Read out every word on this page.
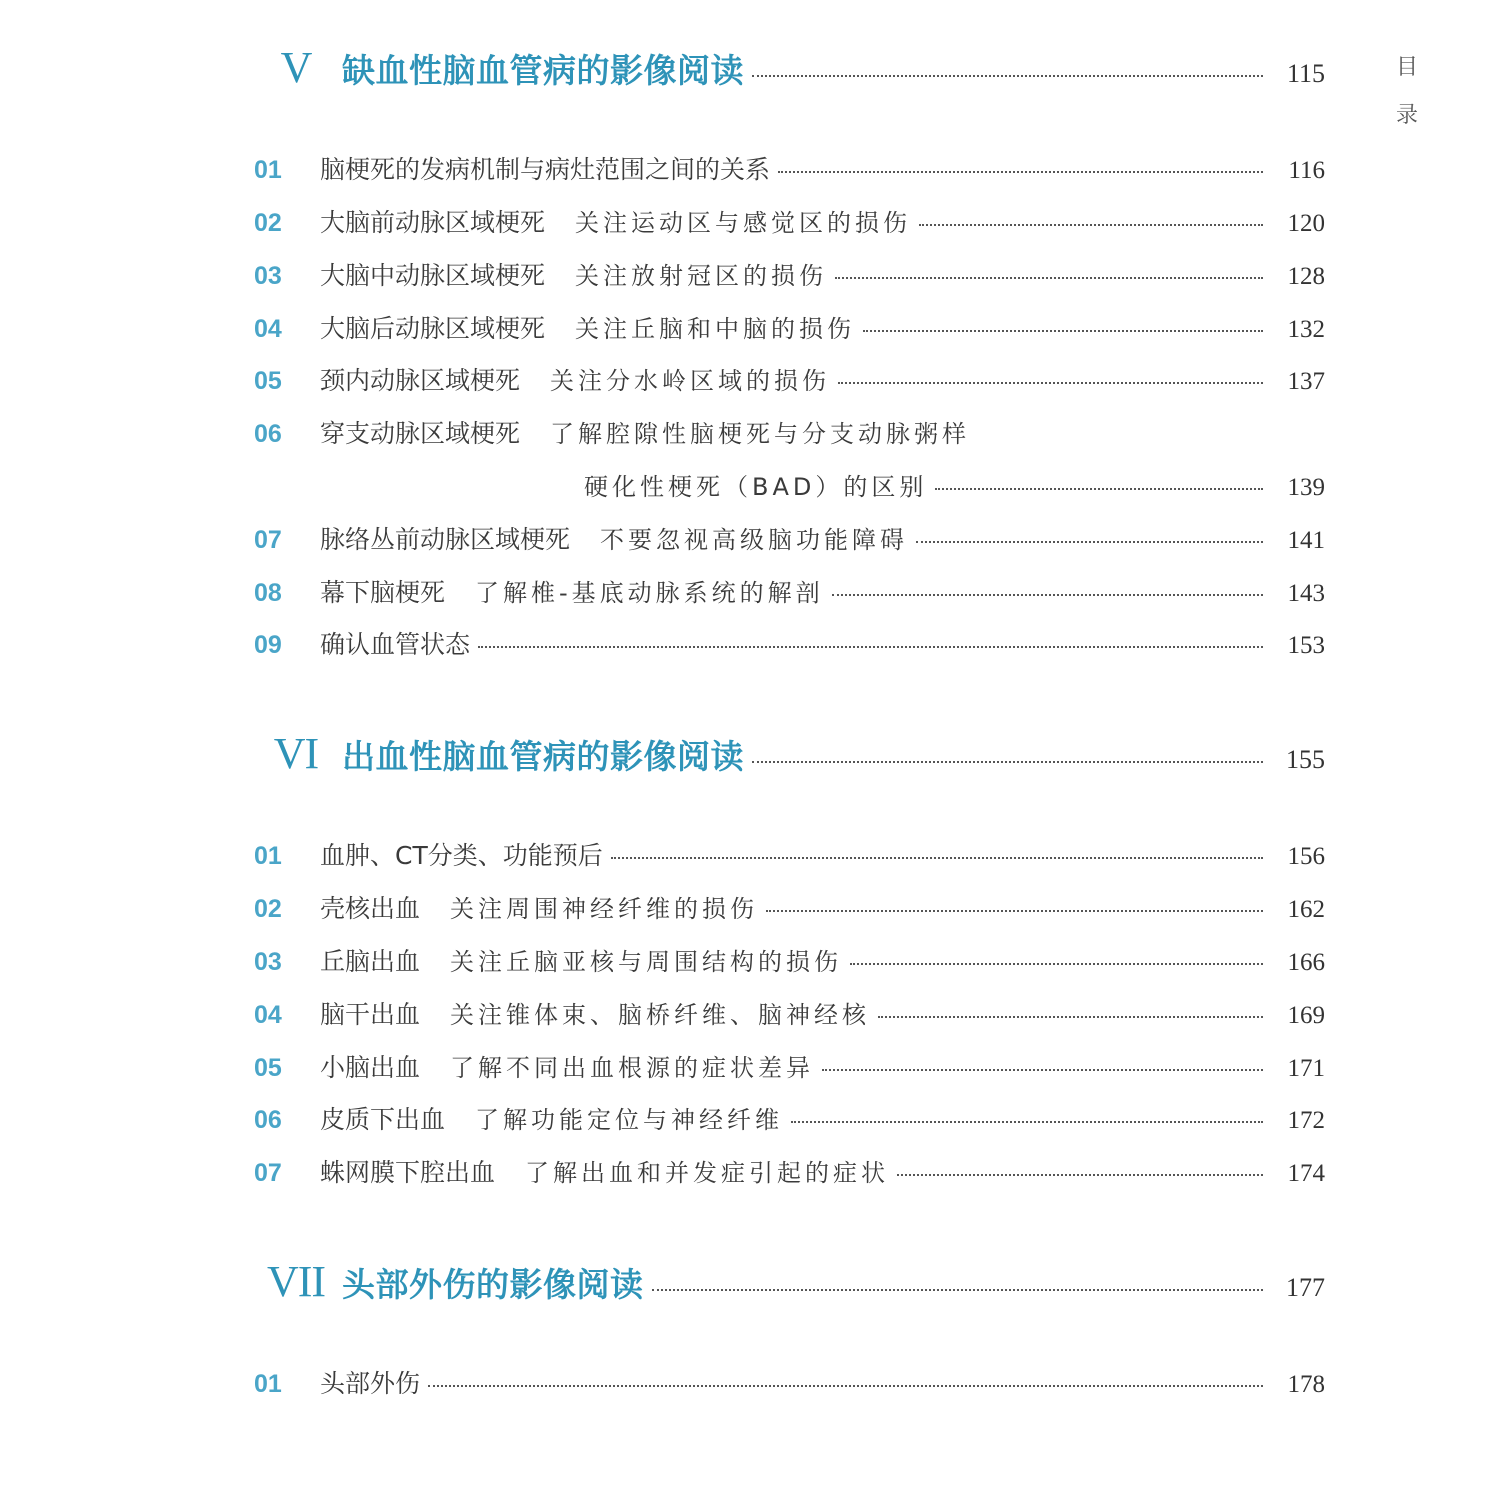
目
录
V 缺血性脑血管病的影像阅读	115
01	脑梗死的发病机制与病灶范围之间的关系	116
02	大脑前动脉区域梗死 关注运动区与感觉区的损伤	120
03	大脑中动脉区域梗死 关注放射冠区的损伤	128
04	大脑后动脉区域梗死 关注丘脑和中脑的损伤	132
05	颈内动脉区域梗死 关注分水岭区域的损伤	137
06	穿支动脉区域梗死 了解腔隙性脑梗死与分支动脉粥样
硬化性梗死（BAD）的区别	139
07	脉络丛前动脉区域梗死 不要忽视高级脑功能障碍	141
08	幕下脑梗死 了解椎-基底动脉系统的解剖	143
09	确认血管状态	153
VI 出血性脑血管病的影像阅读	155
01	血肿、CT分类、功能预后	156
02	壳核出血 关注周围神经纤维的损伤	162
03	丘脑出血 关注丘脑亚核与周围结构的损伤	166
04	脑干出血 关注锥体束、脑桥纤维、脑神经核	169
05	小脑出血 了解不同出血根源的症状差异	171
06	皮质下出血 了解功能定位与神经纤维	172
07	蛛网膜下腔出血 了解出血和并发症引起的症状	174
VII 头部外伤的影像阅读	177
01	头部外伤	178
